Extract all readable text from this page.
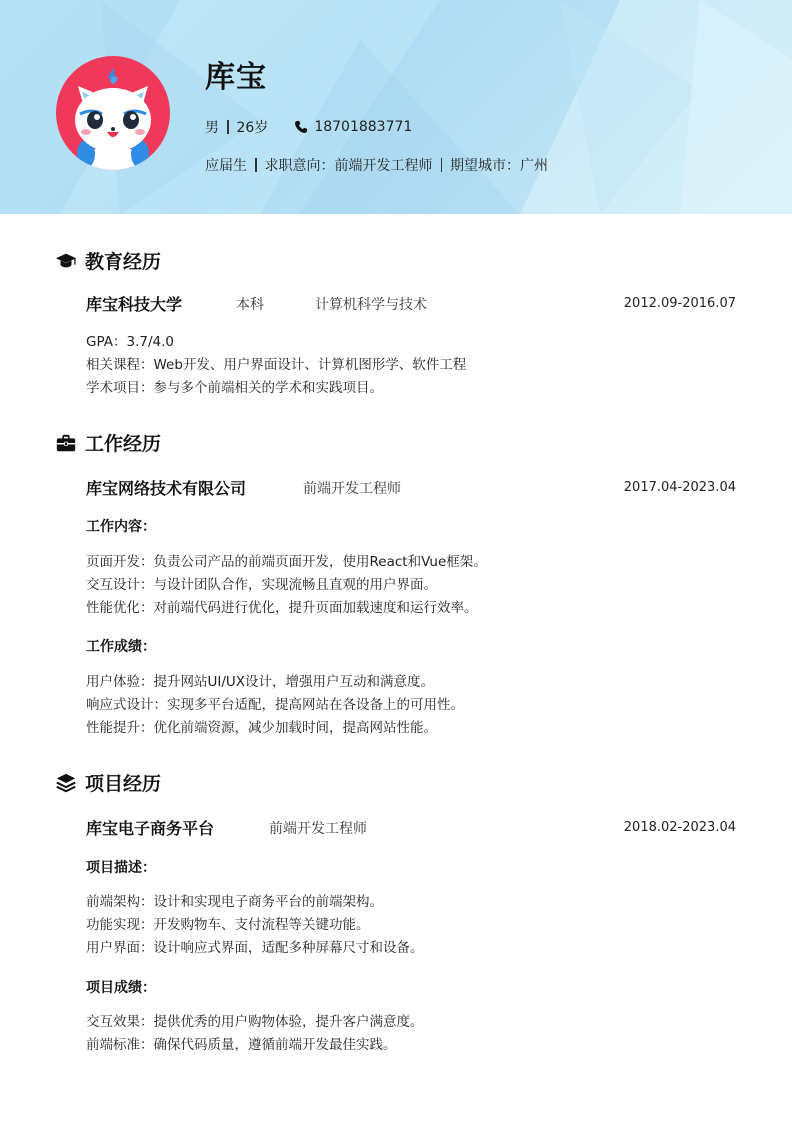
库宝
男 26岁	18701883771
应届生 求职意向：前端开发工程师 期望城市：广州
教育经历
库宝科技大学	本科	计算机科学与技术	2012.09-2016.07
GPA：3.7/4.0
相关课程：Web开发、用户界面设计、计算机图形学、软件工程
学术项目：参与多个前端相关的学术和实践项目。
工作经历
库宝网络技术有限公司	前端开发工程师	2017.04-2023.04
工作内容：
页面开发：负责公司产品的前端页面开发，使用React和Vue框架。
交互设计：与设计团队合作，实现流畅且直观的用户界面。
性能优化：对前端代码进行优化，提升页面加载速度和运行效率。
工作成绩：
用户体验：提升网站UI/UX设计，增强用户互动和满意度。
响应式设计：实现多平台适配，提高网站在各设备上的可用性。
性能提升：优化前端资源，减少加载时间，提高网站性能。
项目经历
库宝电子商务平台	前端开发工程师	2018.02-2023.04
项目描述：
前端架构：设计和实现电子商务平台的前端架构。
功能实现：开发购物车、支付流程等关键功能。
用户界面：设计响应式界面，适配多种屏幕尺寸和设备。
项目成绩：
交互效果：提供优秀的用户购物体验，提升客户满意度。
前端标准：确保代码质量，遵循前端开发最佳实践。
